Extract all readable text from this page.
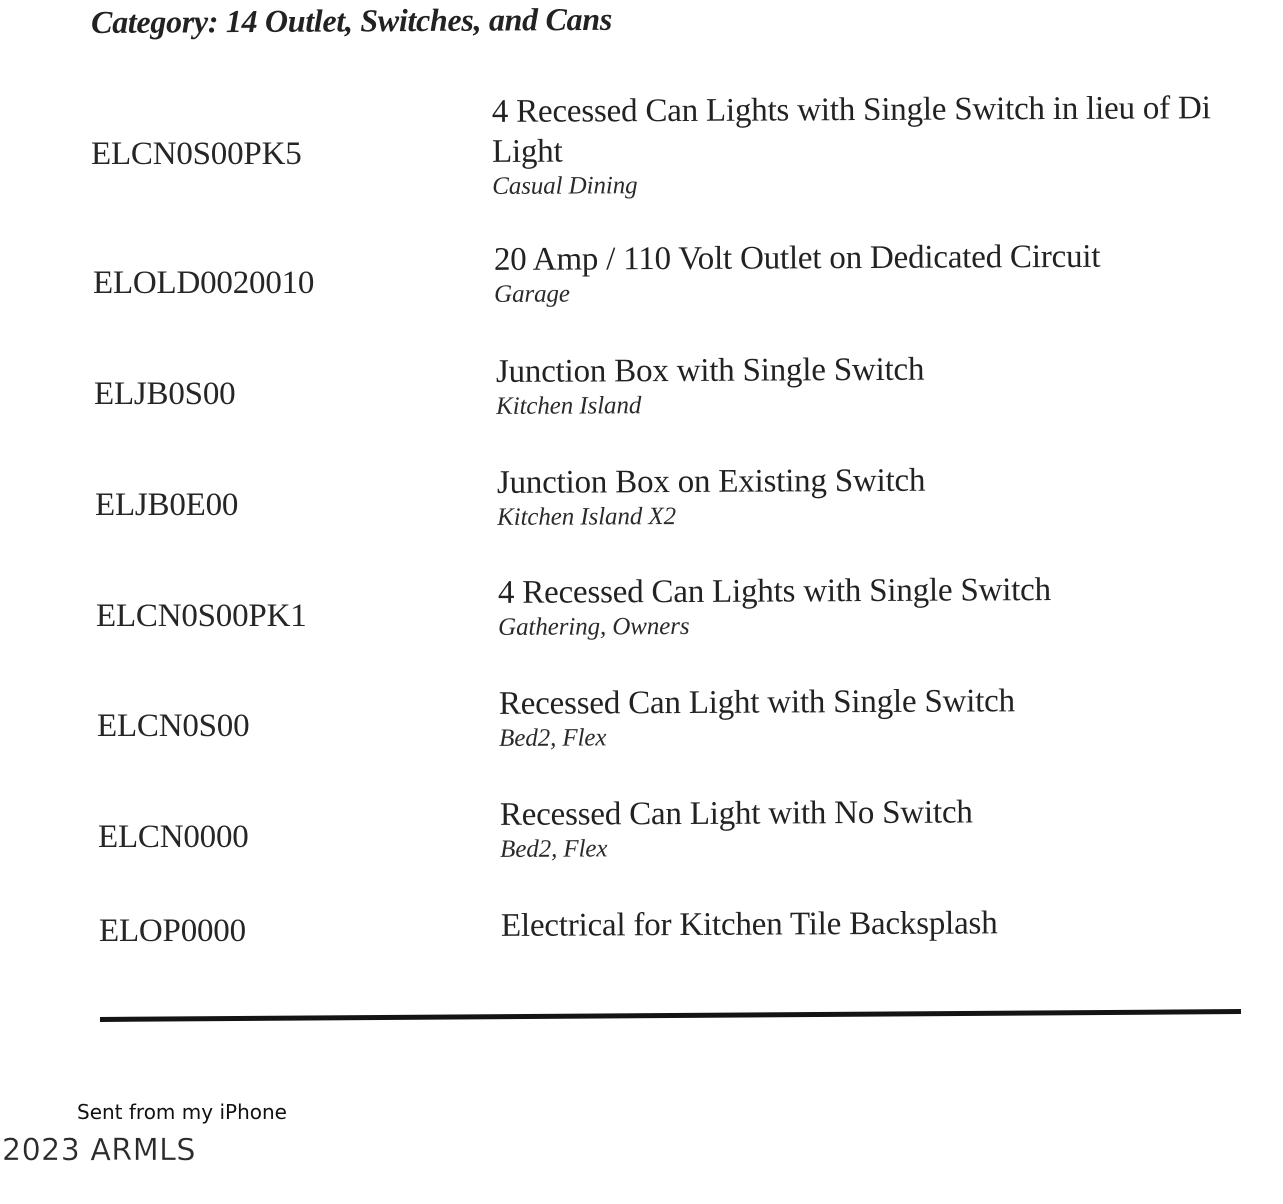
Category: 14 Outlet, Switches, and Cans
ELCN0S00PK5
4 Recessed Can Lights with Single Switch in lieu of Di
Light
Casual Dining
ELOLD0020010
20 Amp / 110 Volt Outlet on Dedicated Circuit
Garage
ELJB0S00
Junction Box with Single Switch
Kitchen Island
ELJB0E00
Junction Box on Existing Switch
Kitchen Island X2
ELCN0S00PK1
4 Recessed Can Lights with Single Switch
Gathering, Owners
ELCN0S00
Recessed Can Light with Single Switch
Bed2, Flex
ELCN0000
Recessed Can Light with No Switch
Bed2, Flex
ELOP0000	Electrical for Kitchen Tile Backsplash
Sent from my iPhone
2023 ARMLS
